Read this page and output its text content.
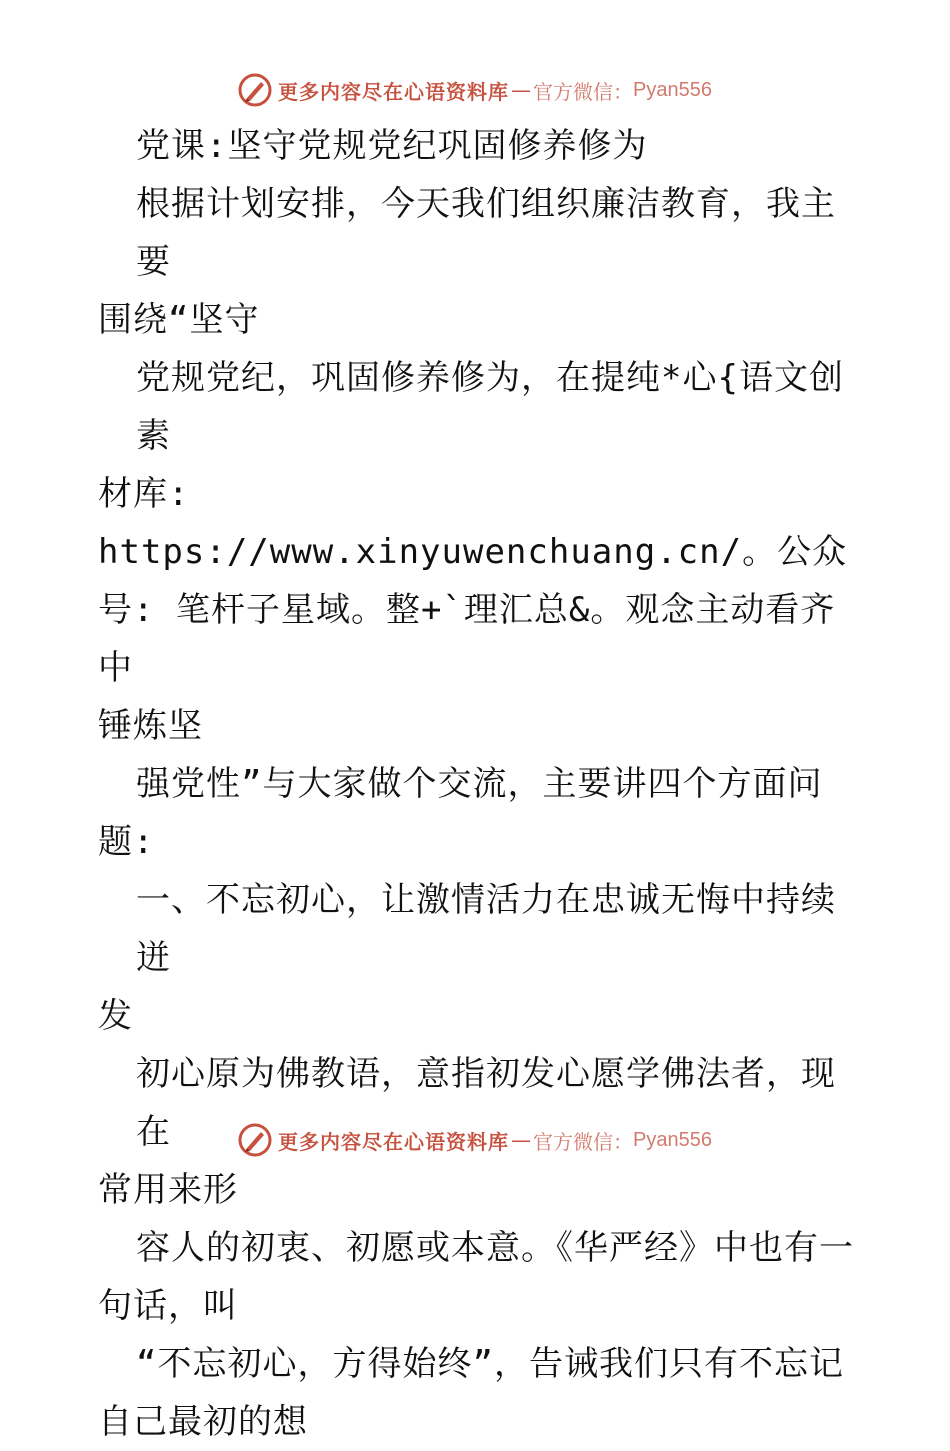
更多内容尽在心语资料库 — 官方微信： Pyan556

党课:坚守党规党纪巩固修养修为

根据计划安排，今天我们组织廉洁教育，我主要

围绕“坚守

党规党纪，巩固修养修为，在提纯*心{语文创素

材库: https://www.xinyuwenchuang.cn/。公众

号: 笔杆子星域。整+`理汇总&。观念主动看齐中

锤炼坚

强党性”与大家做个交流，主要讲四个方面问

题:

一、不忘初心，让激情活力在忠诚无悔中持续迸

发

初心原为佛教语，意指初发心愿学佛法者，现在

常用来形

容人的初衷、初愿或本意。《华严经》中也有一

句话，叫

“不忘初心，方得始终”，告诫我们只有不忘记

自己最初的想

更多内容尽在心语资料库 — 官方微信： Pyan556
